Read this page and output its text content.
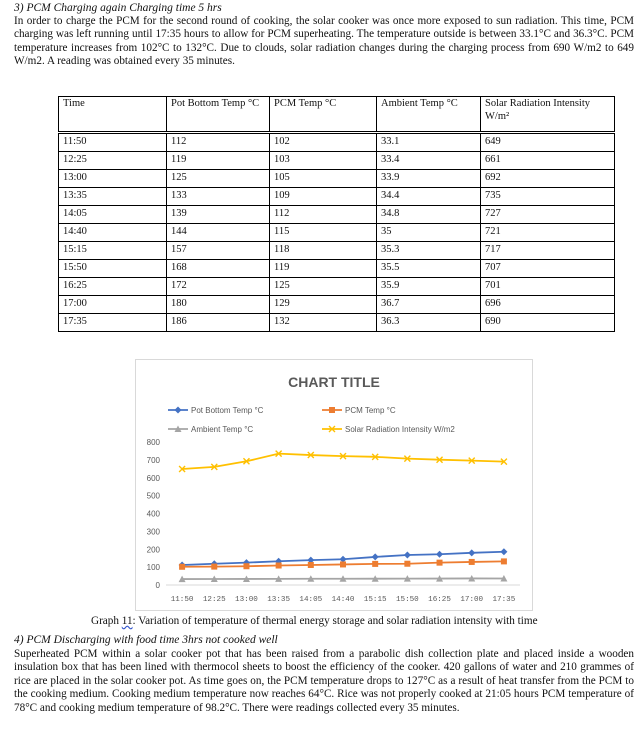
3) PCM Charging again Charging time 5 hrs
In order to charge the PCM for the second round of cooking, the solar cooker was once more exposed to sun radiation. This time, PCM charging was left running until 17:35 hours to allow for PCM superheating. The temperature outside is between 33.1°C and 36.3°C. PCM temperature increases from 102°C to 132°C. Due to clouds, solar radiation changes during the charging process from 690 W/m2 to 649 W/m2. A reading was obtained every 35 minutes.
Time	Pot Bottom Temp °C	PCM Temp °C	Ambient Temp °C	Solar Radiation Intensity W/m²
11:50	112	102	33.1	649
12:25	119	103	33.4	661
13:00	125	105	33.9	692
13:35	133	109	34.4	735
14:05	139	112	34.8	727
14:40	144	115	35	721
15:15	157	118	35.3	717
15:50	168	119	35.5	707
16:25	172	125	35.9	701
17:00	180	129	36.7	696
17:35	186	132	36.3	690
CHART TITLE
Pot Bottom Temp °C	PCM Temp °C
Ambient Temp °C	Solar Radiation Intensity W/m2
0
100
200
300
400
500
600
700
800
11:50 12:25 13:00 13:35 14:05 14:40 15:15 15:50 16:25 17:00 17:35
Graph 11: Variation of temperature of thermal energy storage and solar radiation intensity with time
4) PCM Discharging with food time 3hrs not cooked well
Superheated PCM within a solar cooker pot that has been raised from a parabolic dish collection plate and placed inside a wooden insulation box that has been lined with thermocol sheets to boost the efficiency of the cooker. 420 gallons of water and 210 grammes of rice are placed in the solar cooker pot. As time goes on, the PCM temperature drops to 127°C as a result of heat transfer from the PCM to the cooking medium. Cooking medium temperature now reaches 64°C. Rice was not properly cooked at 21:05 hours PCM temperature of 78°C and cooking medium temperature of 98.2°C. There were readings collected every 35 minutes.
